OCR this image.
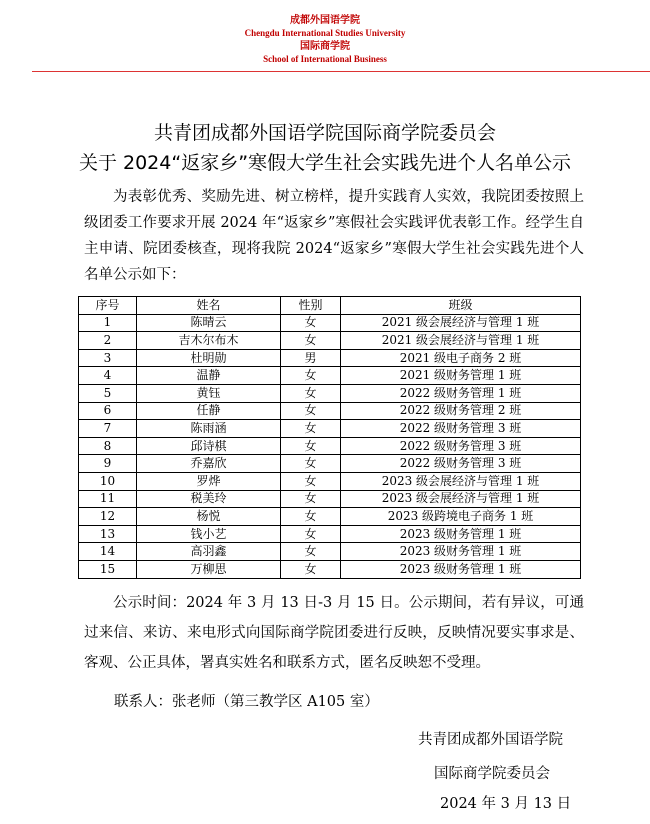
成都外国语学院
Chengdu International Studies University
国际商学院
School of International Business
共青团成都外国语学院国际商学院委员会
关于 2024“返家乡”寒假大学生社会实践先进个人名单公示

为表彰优秀、奖励先进、树立榜样，提升实践育人实效，我院团委按照上级团委工作要求开展 2024 年“返家乡”寒假社会实践评优表彰工作。经学生自主申请、院团委核查，现将我院 2024“返家乡”寒假大学生社会实践先进个人名单公示如下：

序号	姓名	性别	班级
1	陈晴云	女	2021 级会展经济与管理 1 班
2	吉木尔布木	女	2021 级会展经济与管理 1 班
3	杜明勋	男	2021 级电子商务 2 班
4	温静	女	2021 级财务管理 1 班
5	黄钰	女	2022 级财务管理 1 班
6	任静	女	2022 级财务管理 2 班
7	陈雨涵	女	2022 级财务管理 3 班
8	邱诗棋	女	2022 级财务管理 3 班
9	乔嘉欣	女	2022 级财务管理 3 班
10	罗烨	女	2023 级会展经济与管理 1 班
11	税美玲	女	2023 级会展经济与管理 1 班
12	杨悦	女	2023 级跨境电子商务 1 班
13	钱小艺	女	2023 级财务管理 1 班
14	高羽鑫	女	2023 级财务管理 1 班
15	万柳思	女	2023 级财务管理 1 班

公示时间：2024 年 3 月 13 日-3 月 15 日。公示期间，若有异议，可通过来信、来访、来电形式向国际商学院团委进行反映，反映情况要实事求是、客观、公正具体，署真实姓名和联系方式，匿名反映恕不受理。

联系人：张老师（第三教学区 A105 室）
共青团成都外国语学院
国际商学院委员会
2024 年 3 月 13 日
